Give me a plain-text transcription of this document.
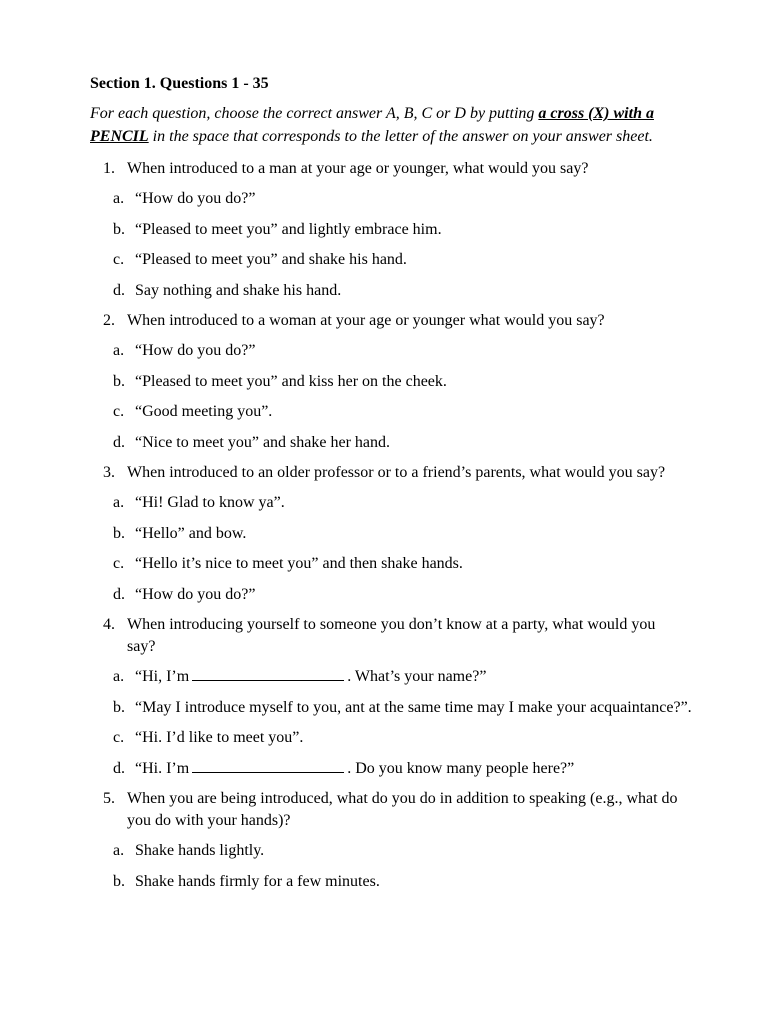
Section 1. Questions 1 - 35
For each question, choose the correct answer A, B, C or D by putting a cross (X) with a PENCIL in the space that corresponds to the letter of the answer on your answer sheet.
1. When introduced to a man at your age or younger, what would you say?
a. “How do you do?”
b. “Pleased to meet you” and lightly embrace him.
c. “Pleased to meet you” and shake his hand.
d. Say nothing and shake his hand.
2. When introduced to a woman at your age or younger what would you say?
a. “How do you do?”
b. “Pleased to meet you” and kiss her on the cheek.
c. “Good meeting you”.
d. “Nice to meet you” and shake her hand.
3. When introduced to an older professor or to a friend’s parents, what would you say?
a. “Hi! Glad to know ya”.
b. “Hello” and bow.
c. “Hello it’s nice to meet you” and then shake hands.
d. “How do you do?”
4. When introducing yourself to someone you don’t know at a party, what would you say?
a. “Hi, I’m	. What’s your name?”
b. “May I introduce myself to you, ant at the same time may I make your acquaintance?”.
c. “Hi. I’d like to meet you”.
d. “Hi. I’m	. Do you know many people here?”
5. When you are being introduced, what do you do in addition to speaking (e.g., what do you do with your hands)?
a. Shake hands lightly.
b. Shake hands firmly for a few minutes.
